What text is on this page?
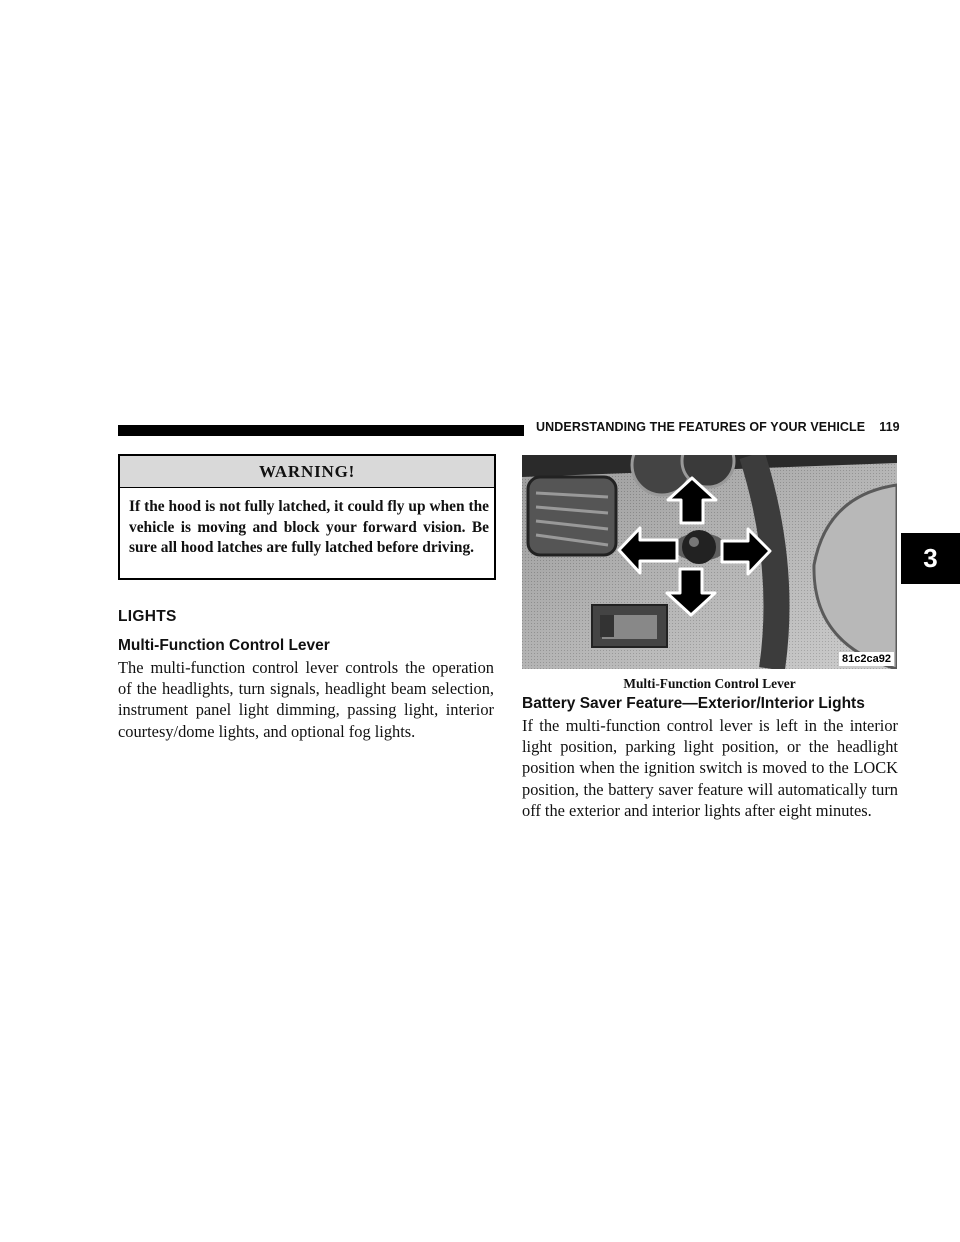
UNDERSTANDING THE FEATURES OF YOUR VEHICLE 119
3
WARNING!
If the hood is not fully latched, it could fly up when the vehicle is moving and block your forward vision. Be sure all hood latches are fully latched before driving.
LIGHTS
Multi-Function Control Lever
The multi-function control lever controls the operation of the headlights, turn signals, headlight beam selection, instrument panel light dimming, passing light, interior courtesy/dome lights, and optional fog lights.
81c2ca92
Multi-Function Control Lever
Battery Saver Feature—Exterior/Interior Lights
If the multi-function control lever is left in the interior light position, parking light position, or the headlight position when the ignition switch is moved to the LOCK position, the battery saver feature will automatically turn off the exterior and interior lights after eight minutes.
